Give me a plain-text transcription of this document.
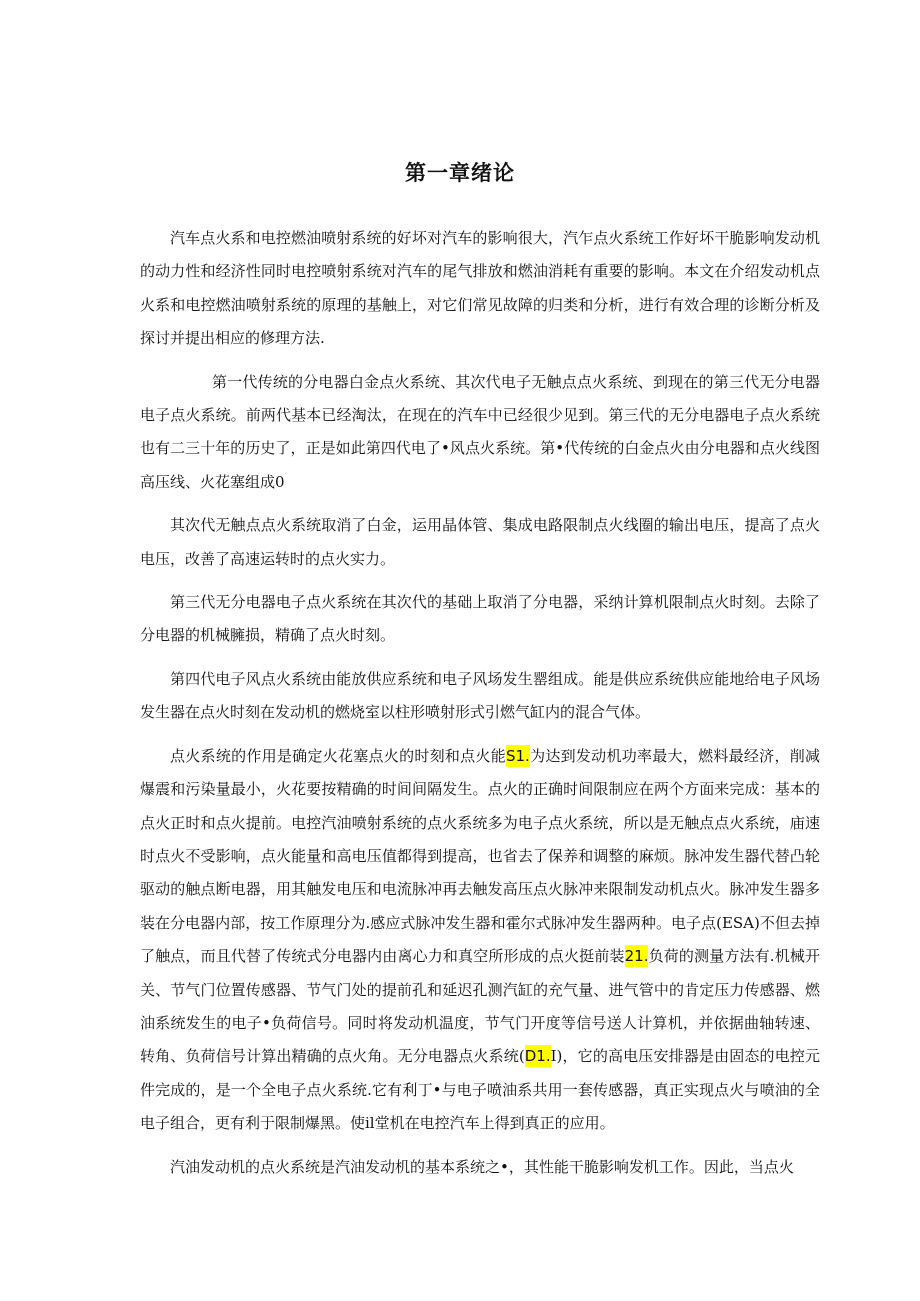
第一章绪论

汽车点火系和电控燃油喷射系统的好坏对汽车的影响很大，汽乍点火系统工作好坏干脆影响发动机的动力性和经济性同时电控喷射系统对汽车的尾气排放和燃油消耗有重要的影响。本文在介绍发动机点火系和电控燃油喷射系统的原理的基触上，对它们常见故障的归类和分析，进行有效合理的诊断分析及探讨并提出相应的修理方法.

第一代传统的分电器白金点火系统、其次代电子无触点点火系统、到现在的第三代无分电器电子点火系统。前两代基本已经淘汰，在现在的汽车中已经很少见到。第三代的无分电器电子点火系统也有二三十年的历史了，正是如此第四代电了•风点火系统。第•代传统的白金点火由分电器和点火线图高压线、火花塞组成0

其次代无触点点火系统取消了白金，运用晶体管、集成电路限制点火线圈的输出电压，提高了点火电压，改善了高速运转时的点火实力。

第三代无分电器电子点火系统在其次代的基础上取消了分电器，采纳计算机限制点火时刻。去除了分电器的机械臃损，精确了点火时刻。

第四代电子风点火系统由能放供应系统和电子风场发生罂组成。能是供应系统供应能地给电子风场发生器在点火时刻在发动机的燃烧室以柱形喷射形式引燃气缸内的混合气体。

点火系统的作用是确定火花塞点火的时刻和点火能S1.为达到发动机功率最大，燃料最经济，削减爆震和污染量最小，火花要按精确的时间间隔发生。点火的正确时间限制应在两个方面来完成：基本的点火正时和点火提前。电控汽油喷射系统的点火系统多为电子点火系统，所以是无触点点火系统，庙速时点火不受影响，点火能量和高电压值都得到提高，也省去了保养和调整的麻烦。脉冲发生器代替凸轮驱动的触点断电器，用其触发电压和电流脉冲再去触发高压点火脉冲来限制发动机点火。脉冲发生器多装在分电器内部，按工作原理分为.感应式脉冲发生器和霍尔式脉冲发生器两种。电子点(ESA)不但去掉了触点，而且代替了传统式分电器内由离心力和真空所形成的点火挺前装21.负荷的测量方法有.机械开关、节气门位置传感器、节气门处的提前孔和延迟孔测汽缸的充气量、进气管中的肯定压力传感器、燃油系统发生的电子•负荷信号。同时将发动机温度，节气门开度等信号送人计算机，并依据曲轴转速、转角、负荷信号计算出精确的点火角。无分电器点火系统(D1.I)，它的高电压安排器是由固态的电控元件完成的，是一个全电子点火系统.它有利丁•与电子喷油系共用一套传感器，真正实现点火与喷油的全电子组合，更有利于限制爆黑。使il堂机在电控汽车上得到真正的应用。

汽油发动机的点火系统是汽油发动机的基本系统之•，其性能干脆影响发机工作。因此，当点火
